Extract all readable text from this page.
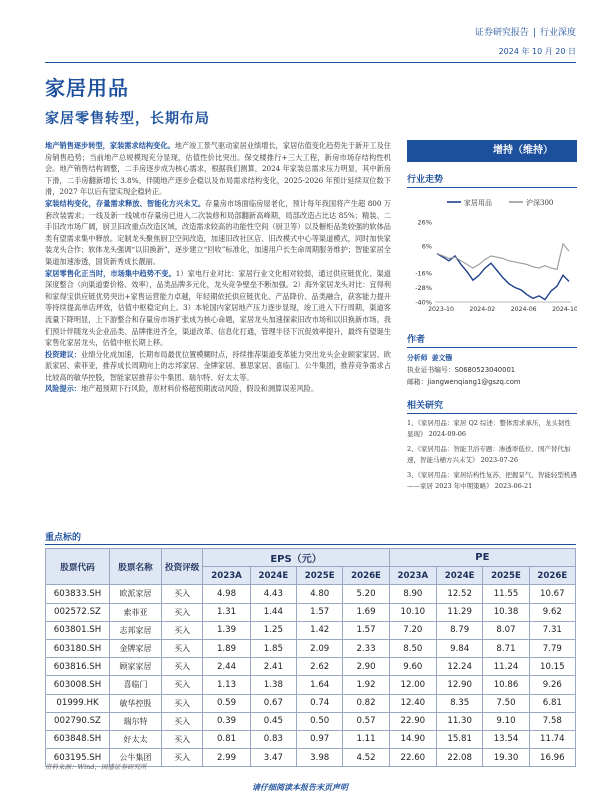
证券研究报告 | 行业深度
2024 年 10 月 20 日
家居用品
家居零售转型，长期布局

地产销售逐步转型，家装需求结构变化。地产竣工景气驱动家居业绩增长，家居估值变化趋势先于新开工及住房销售趋势；当前地产总规模现充分显现，估值性价比突出。保交楼推行+三大工程，新房市场存结构性机会。地产销售结构调整，二手房逐步成为核心需求，根据我们测算，2024 年家装总需求压力明显，其中新房下滑，二手房翻新增长 3.8%。伴随地产逐步企稳以及布局需求结构变化，2025-2026 年预计延续双位数下滑，2027 年以后有望实现企稳转正。

家装结构变化，存量需求释放、智能化方兴未艾。存量房市场面临房屋老化，预计每年我国将产生超 800 万套改装需求；一线及新一线城市存量房已进入二次装修和局部翻新高峰期，局部改造占比达 85%；精装、二手旧改市场广阔，厨卫旧改重点改造区域，改造需求较高的功能性空间（厨卫等）以及橱柜品类较强的软体品类有望需求集中释放。定制龙头聚焦厨卫空间改造，加速旧改社区店、旧改模式中心等渠道模式，同时加快家装龙头合作；软体龙头强调“以旧换新”，逐步建立“回收”标准化，加速用户长生命周期服务维护；智能家居全渠道加速渗透，国货新秀成长靓丽。

家居零售化正当时，市场集中趋势不变。1）家电行业对比：家居行业文化相对较弱，通过供应链优化、渠道深度整合（向渠道要价格、效率），品类品牌多元化，龙头竞争壁垒不断加强。2）海外家居龙头对比：宜得利和家得宝供应链优势突出+家售运营能力卓越，年轻期依托供应链优化、产品降价、品类融合，获客能力提升等持续提高单店坪效，估值中枢稳定向上。3）本轮国内家居地产压力逐步显现，竣工进入下行周期，渠道客流量下降明显，上下游整合和存量房市场扩张成为核心命题，家居龙头加速探索旧改市场和以旧换新市场。我们预计伴随龙头企业品类、品牌推进齐全，渠道改革、信息化打通，管理半径下沉促效率提升，最终有望诞生家售化家居龙头，估值中枢长期上移。

投资建议：业绩分化成加速，长期布局最优位置模糊时点，持续推荐渠道变革能力突出龙头企业顾家家居、欧派家居、索菲亚，推荐成长周期向上的志邦家居、金牌家居、慕思家居、喜临门、公牛集团，推荐竞争需求占比较高的敏华控股，智能家居推荐公牛集团、瑞尔特、好太太等。

风险提示：地产超预期下行风险，原材料价格超预期波动风险，假设和测算误差风险。

增持（维持）
行业走势
家居用品	沪深300
26%
6%
-16%
-28%
-40%
2023-10 2024-02 2024-06 2024-10
作者
分析师 姜文镪
执业证书编号：S0680523040001
邮箱：jiangwenqiang1@gszq.com
相关研究
1、《家居用品：家居 Q2 综述：整体需求承压，龙头韧性显现》 2024-09-06
2、《家居用品：智能卫浴专题：渗透率低位、国产替代加速，智能马桶方兴未艾》 2023-07-26
3、《家居用品：家居结构性复苏，把握景气、智能轻型机遇——家居 2023 年中期策略》 2023-06-21
重点标的
股票代码	股票名称	投资评级	EPS（元）				PE			
			2023A	2024E	2025E	2026E	2023A	2024E	2025E	2026E
603833.SH	欧派家居	买入	4.98	4.43	4.80	5.20	8.90	12.52	11.55	10.67
002572.SZ	索菲亚	买入	1.31	1.44	1.57	1.69	10.10	11.29	10.38	9.62
603801.SH	志邦家居	买入	1.39	1.25	1.42	1.57	7.20	8.79	8.07	7.31
603180.SH	金牌家居	买入	1.89	1.85	2.09	2.33	8.50	9.84	8.71	7.79
603816.SH	顾家家居	买入	2.44	2.41	2.62	2.90	9.60	12.24	11.24	10.15
603008.SH	喜临门	买入	1.13	1.38	1.64	1.92	12.00	12.90	10.86	9.26
01999.HK	敏华控股	买入	0.59	0.67	0.74	0.82	12.40	8.35	7.50	6.81
002790.SZ	瑞尔特	买入	0.39	0.45	0.50	0.57	22.90	11.30	9.10	7.58
603848.SH	好太太	买入	0.81	0.83	0.97	1.11	14.90	15.81	13.54	11.74
603195.SH	公牛集团	买入	2.99	3.47	3.98	4.52	22.60	22.08	19.30	16.96
资料来源：Wind，国盛证券研究所
请仔细阅读本报告末页声明
